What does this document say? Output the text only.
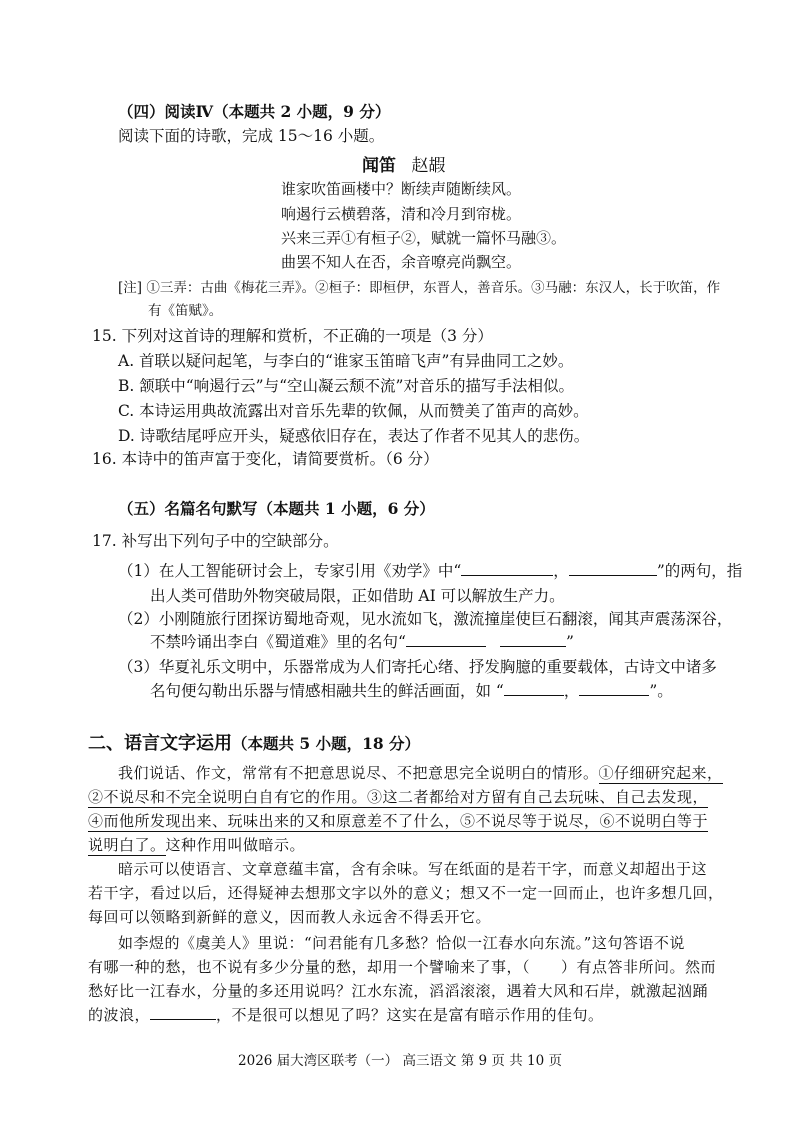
（四）阅读Ⅳ（本题共 2 小题，9 分）
阅读下面的诗歌，完成 15～16 小题。
闻笛 赵嘏
谁家吹笛画楼中？断续声随断续风。
响遏行云横碧落，清和冷月到帘栊。
兴来三弄①有桓子②，赋就一篇怀马融③。
曲罢不知人在否，余音嘹亮尚飘空。
[注] ①三弄：古曲《梅花三弄》。②桓子：即桓伊，东晋人，善音乐。③马融：东汉人，长于吹笛，作
有《笛赋》。
15. 下列对这首诗的理解和赏析，不正确的一项是（3 分）
A. 首联以疑问起笔，与李白的“谁家玉笛暗飞声”有异曲同工之妙。
B. 颔联中“响遏行云”与“空山凝云颓不流”对音乐的描写手法相似。
C. 本诗运用典故流露出对音乐先辈的钦佩，从而赞美了笛声的高妙。
D. 诗歌结尾呼应开头，疑惑依旧存在，表达了作者不见其人的悲伤。
16. 本诗中的笛声富于变化，请简要赏析。（6 分）
（五）名篇名句默写（本题共 1 小题，6 分）
17. 补写出下列句子中的空缺部分。
（1）在人工智能研讨会上，专家引用《劝学》中“	，	”的两句，指
出人类可借助外物突破局限，正如借助 AI 可以解放生产力。
（2）小刚随旅行团探访蜀地奇观，见水流如飞，激流撞崖使巨石翻滚，闻其声震荡深谷，
不禁吟诵出李白《蜀道难》里的名句“	”
（3）华夏礼乐文明中，乐器常成为人们寄托心绪、抒发胸臆的重要载体，古诗文中诸多
名句便勾勒出乐器与情感相融共生的鲜活画面，如 “	，	”。
二、语言文字运用（本题共 5 小题，18 分）
我们说话、作文，常常有不把意思说尽、不把意思完全说明白的情形。①仔细研究起来，
②不说尽和不完全说明白自有它的作用。③这二者都给对方留有自己去玩味、自己去发现，
④而他所发现出来、玩味出来的又和原意差不了什么，⑤不说尽等于说尽，⑥不说明白等于
说明白了。这种作用叫做暗示。
暗示可以使语言、文章意蕴丰富，含有余味。写在纸面的是若干字，而意义却超出于这
若干字，看过以后，还得疑神去想那文字以外的意义；想又不一定一回而止，也许多想几回，
每回可以领略到新鲜的意义，因而教人永远舍不得丢开它。
如李煜的《虞美人》里说：“问君能有几多愁？恰似一江春水向东流。”这句答语不说
有哪一种的愁，也不说有多少分量的愁，却用一个譬喻来了事，（　　）有点答非所问。然而
愁好比一江春水，分量的多还用说吗？江水东流，滔滔滚滚，遇着大风和石岸，就激起汹踊
的波浪，	，不是很可以想见了吗？这实在是富有暗示作用的佳句。
2026 届大湾区联考（一） 高三语文 第 9 页 共 10 页
